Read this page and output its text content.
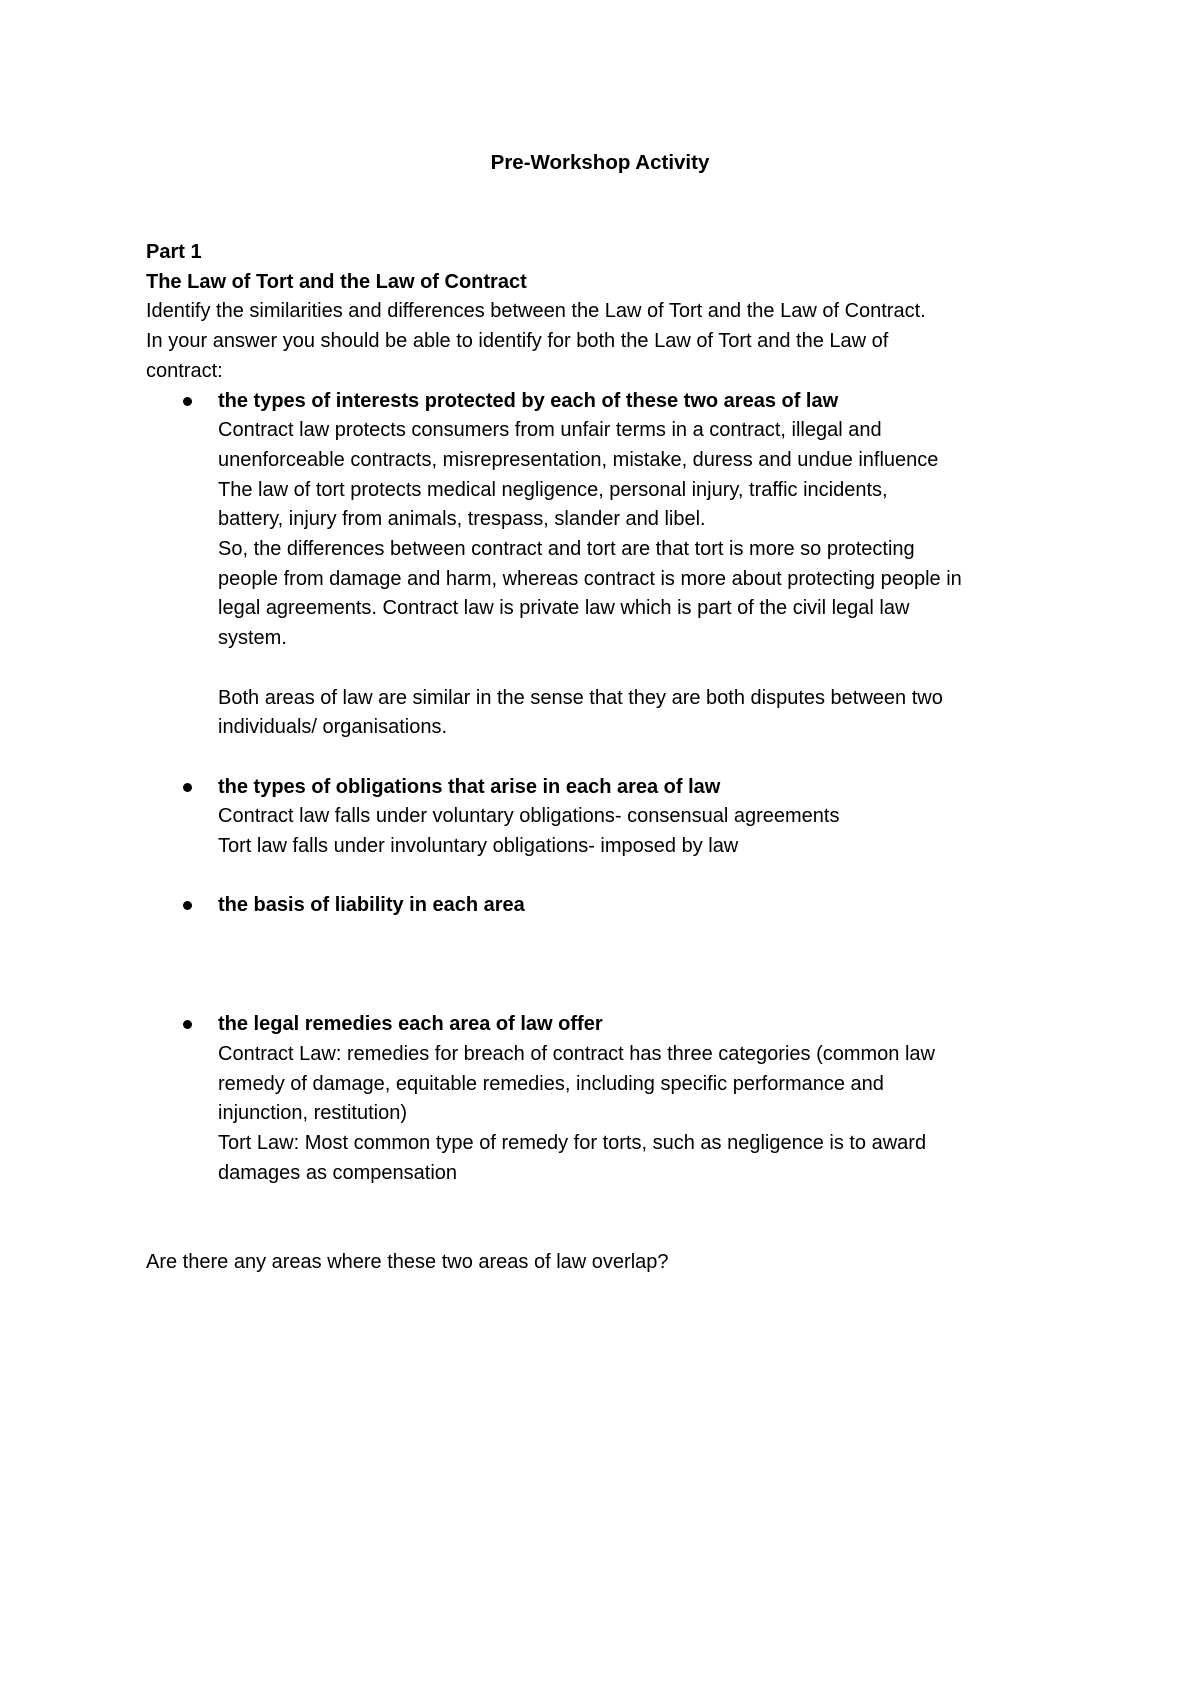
Pre-Workshop Activity
Part 1
The Law of Tort and the Law of Contract
Identify the similarities and differences between the Law of Tort and the Law of Contract.
In your answer you should be able to identify for both the Law of Tort and the Law of
contract:
the types of interests protected by each of these two areas of law
Contract law protects consumers from unfair terms in a contract, illegal and
unenforceable contracts, misrepresentation, mistake, duress and undue influence
The law of tort protects medical negligence, personal injury, traffic incidents,
battery, injury from animals, trespass, slander and libel.
So, the differences between contract and tort are that tort is more so protecting
people from damage and harm, whereas contract is more about protecting people in
legal agreements. Contract law is private law which is part of the civil legal law
system.
Both areas of law are similar in the sense that they are both disputes between two
individuals/ organisations.
the types of obligations that arise in each area of law
Contract law falls under voluntary obligations- consensual agreements
Tort law falls under involuntary obligations- imposed by law
the basis of liability in each area
the legal remedies each area of law offer
Contract Law: remedies for breach of contract has three categories (common law
remedy of damage, equitable remedies, including specific performance and
injunction, restitution)
Tort Law: Most common type of remedy for torts, such as negligence is to award
damages as compensation
Are there any areas where these two areas of law overlap?
